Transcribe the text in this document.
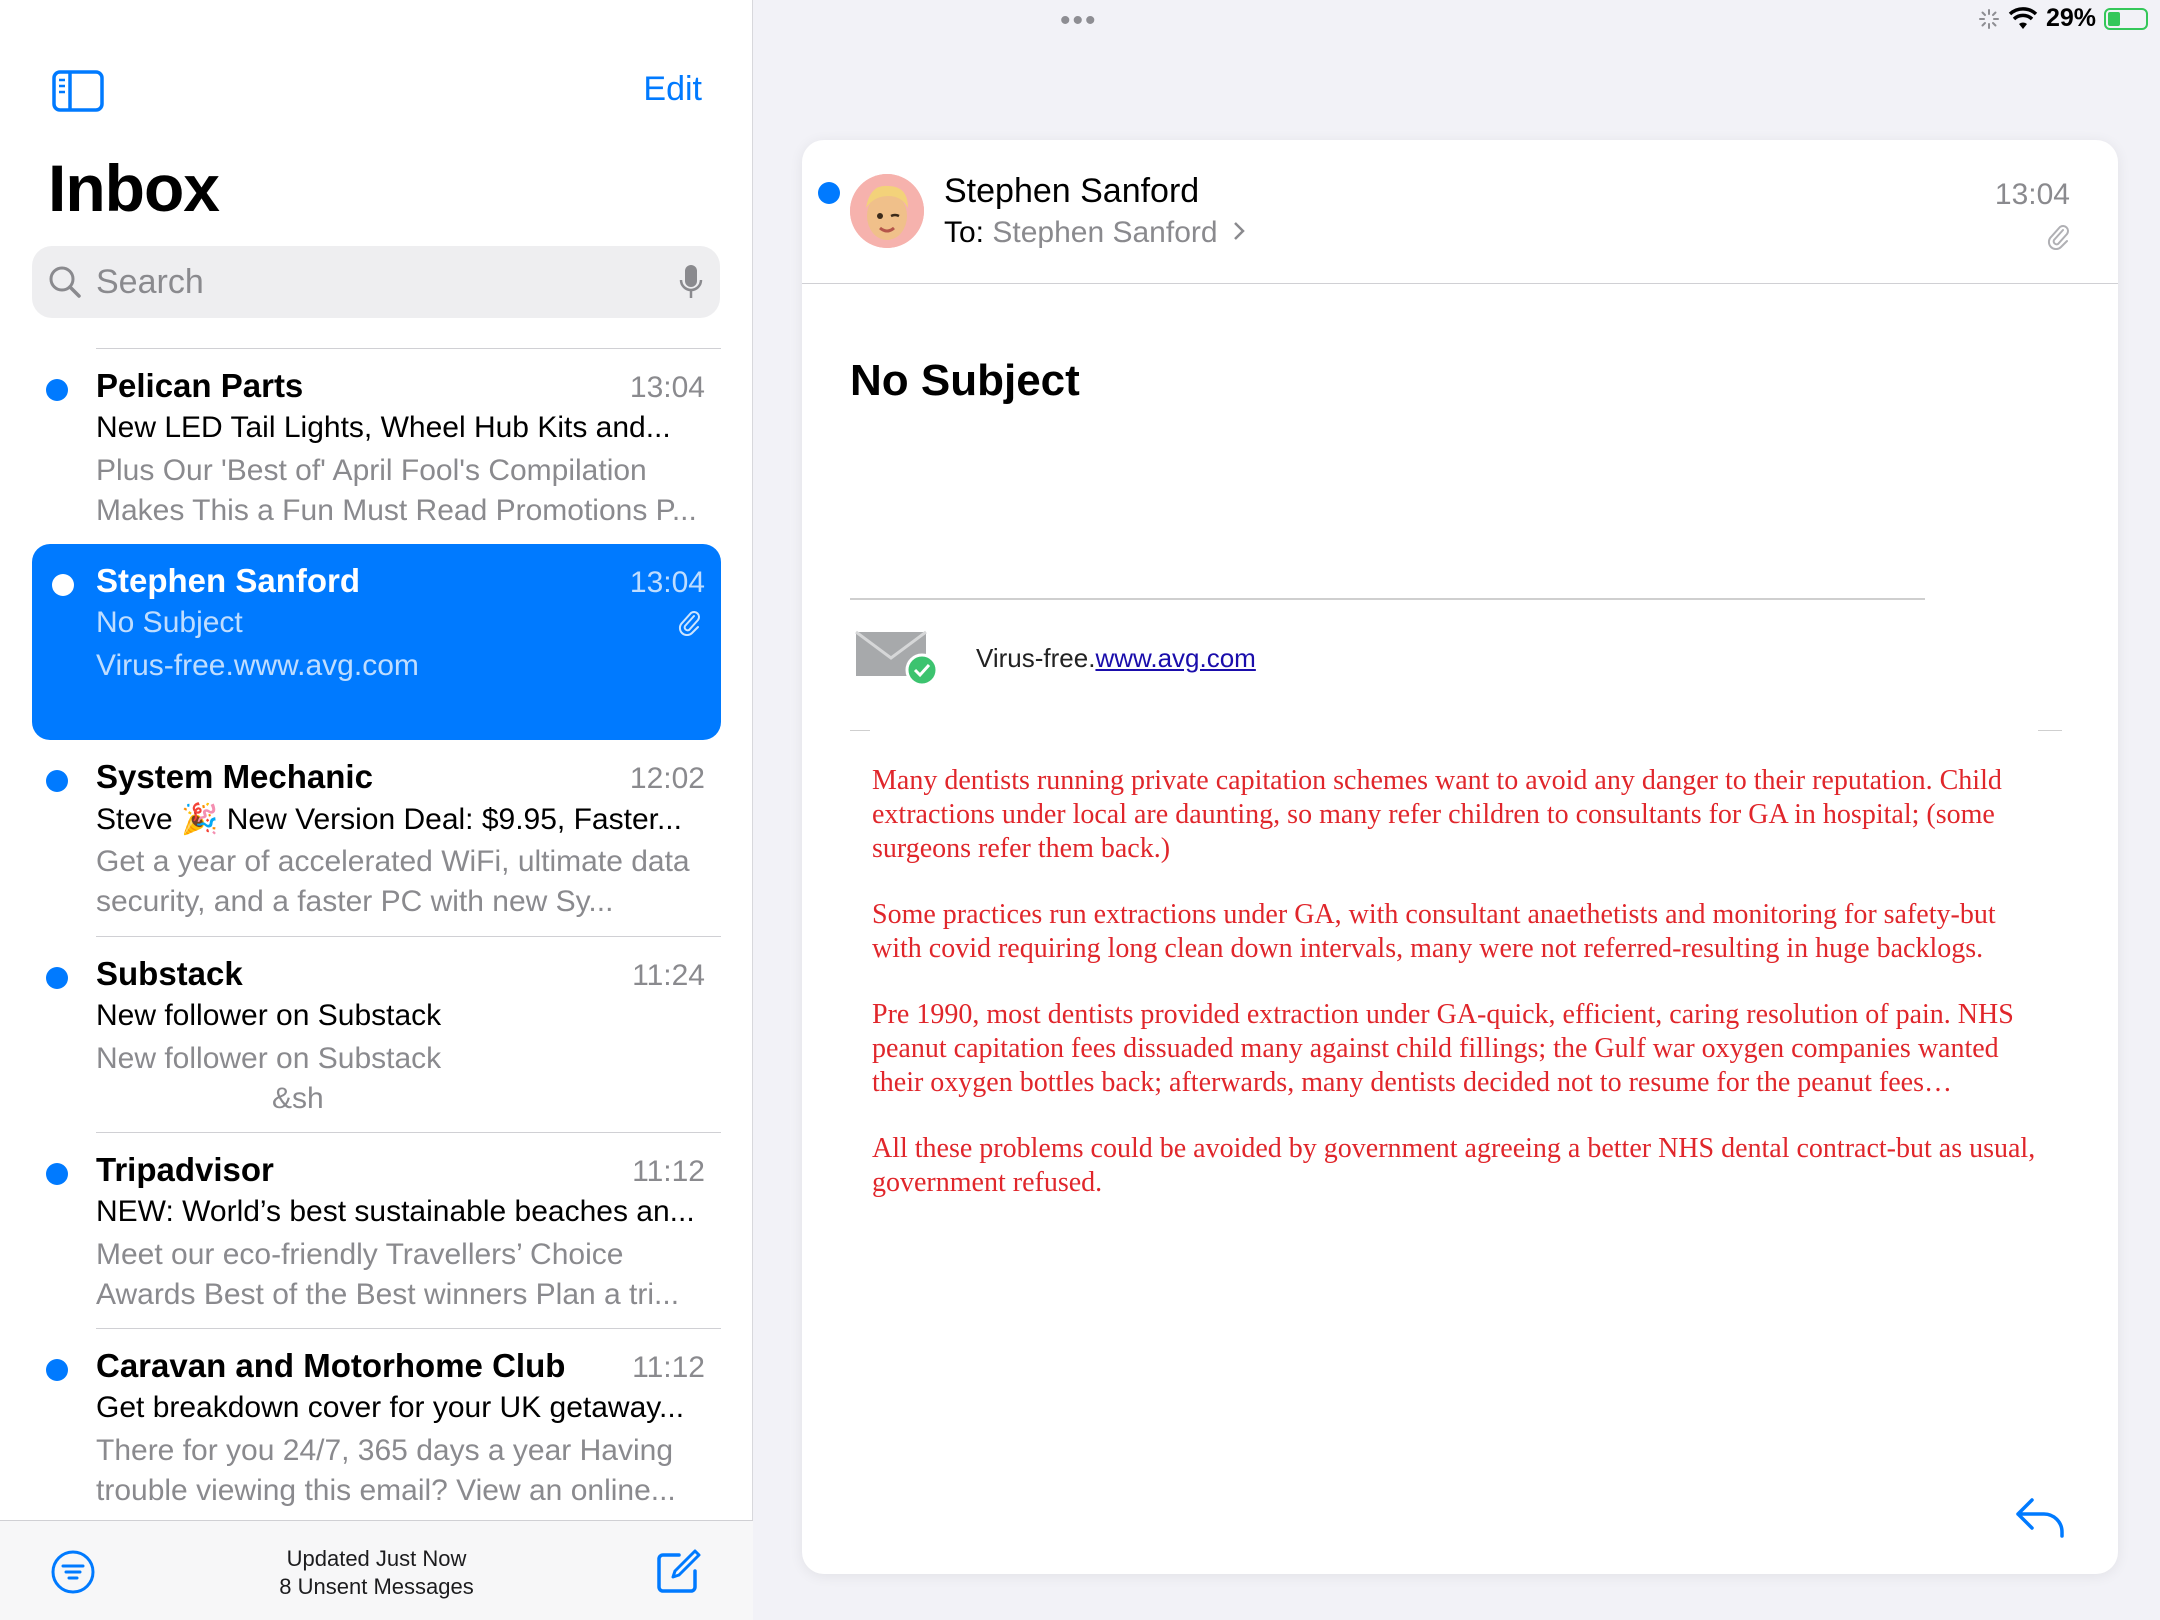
•••	29%
Edit
Inbox
Search
Pelican Parts	13:04
New LED Tail Lights, Wheel Hub Kits and...
Plus Our 'Best of' April Fool's Compilation Makes This a Fun Must Read Promotions P...
Stephen Sanford	13:04
No Subject
Virus-free.www.avg.com
System Mechanic	12:02
Steve 🎉 New Version Deal: $9.95, Faster...
Get a year of accelerated WiFi, ultimate data security, and a faster PC with new Sy...
Substack	11:24
New follower on Substack
New follower on Substack
&sh
Tripadvisor	11:12
NEW: World’s best sustainable beaches an...
Meet our eco-friendly Travellers’ Choice Awards Best of the Best winners Plan a tri...
Caravan and Motorhome Club 11:12
Get breakdown cover for your UK getaway...
There for you 24/7, 365 days a year Having trouble viewing this email? View an online...
Updated Just Now
8 Unsent Messages
Stephen Sanford
To: Stephen Sanford
13:04
No Subject
Virus-free.www.avg.com

Many dentists running private capitation schemes want to avoid any danger to their reputation. Child extractions under local are daunting, so many refer children to consultants for GA in hospital; (some surgeons refer them back.)

Some practices run extractions under GA, with consultant anaethetists and monitoring for safety-but with covid requiring long clean down intervals, many were not referred-resulting in huge backlogs.

Pre 1990, most dentists provided extraction under GA-quick, efficient, caring resolution of pain. NHS peanut capitation fees dissuaded many against child fillings; the Gulf war oxygen companies wanted their oxygen bottles back; afterwards, many dentists decided not to resume for the peanut fees…

All these problems could be avoided by government agreeing a better NHS dental contract-but as usual, government refused.
